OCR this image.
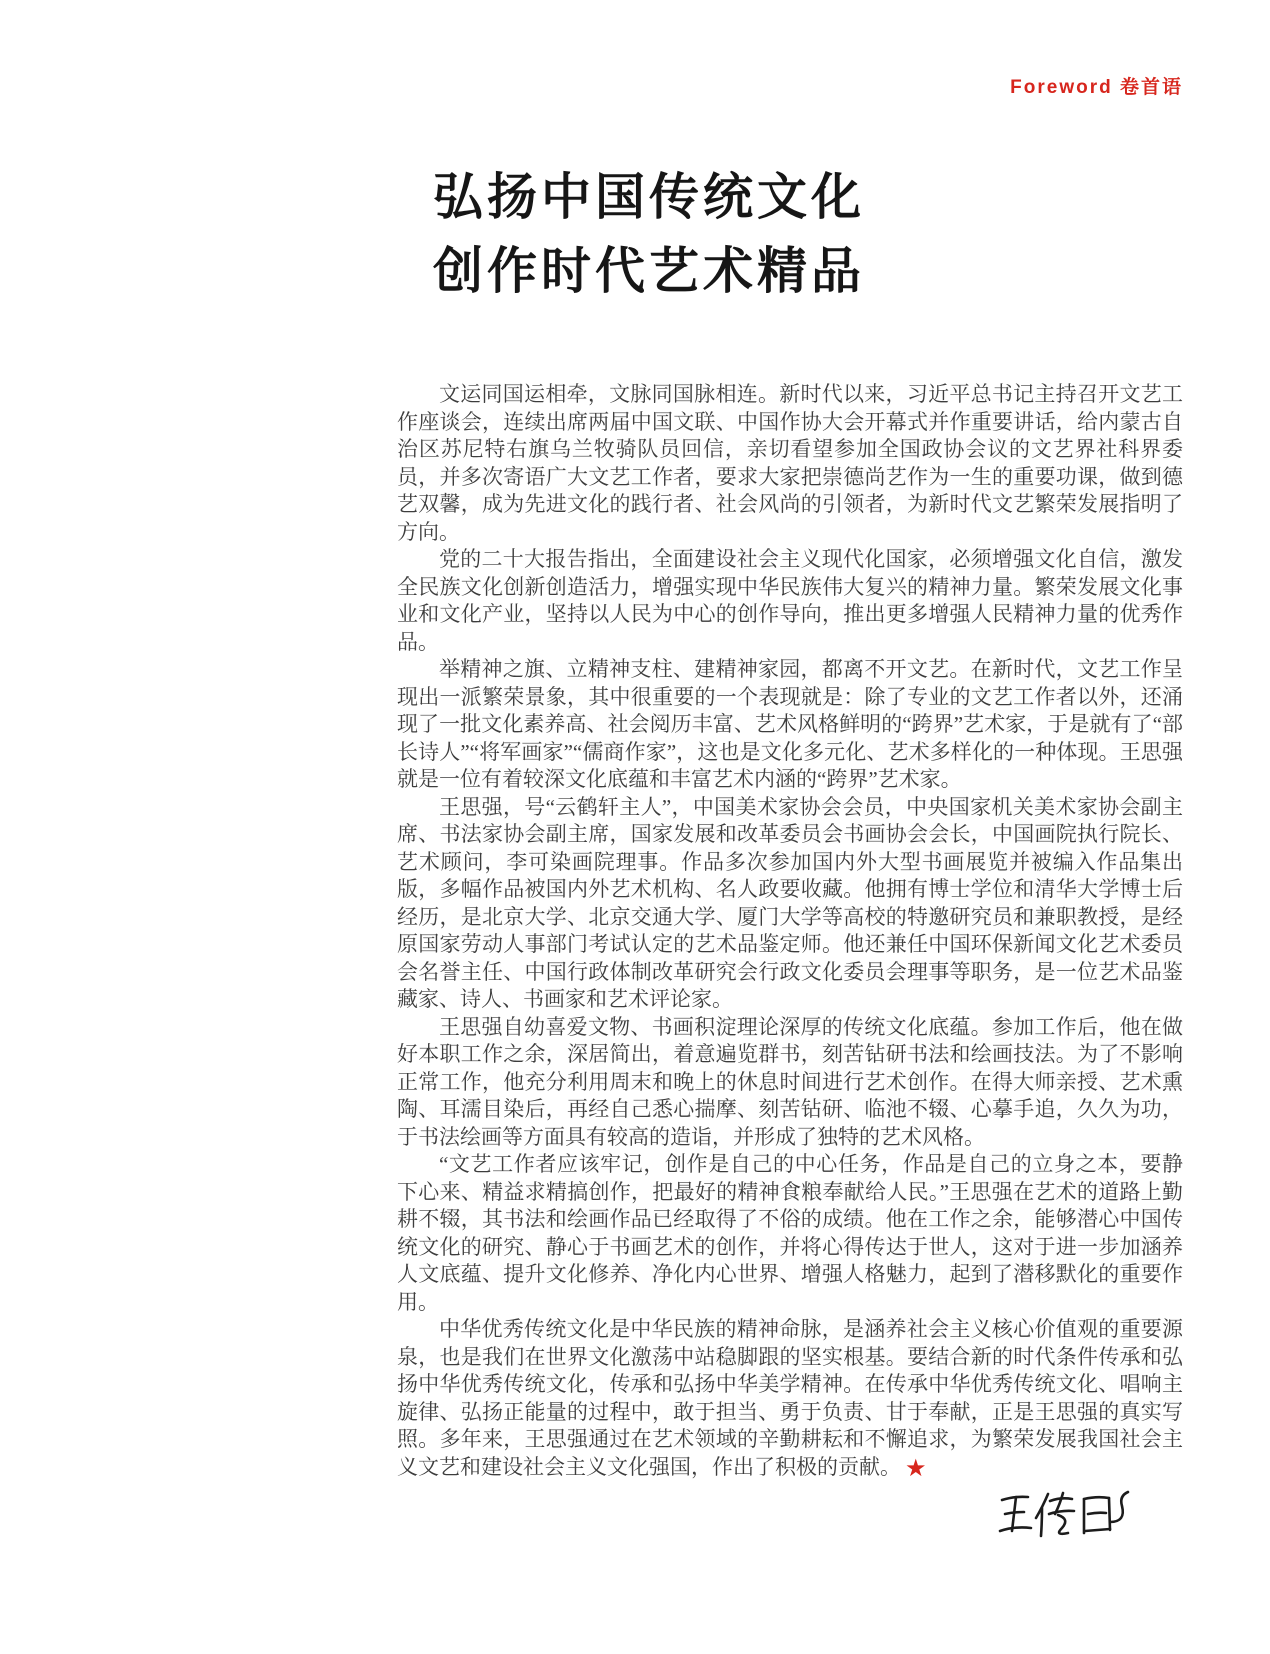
Foreword 卷首语
弘扬中国传统文化
创作时代艺术精品

文运同国运相牵，文脉同国脉相连。新时代以来，习近平总书记主持召开文艺工作座谈会，连续出席两届中国文联、中国作协大会开幕式并作重要讲话，给内蒙古自治区苏尼特右旗乌兰牧骑队员回信，亲切看望参加全国政协会议的文艺界社科界委员，并多次寄语广大文艺工作者，要求大家把崇德尚艺作为一生的重要功课，做到德艺双馨，成为先进文化的践行者、社会风尚的引领者，为新时代文艺繁荣发展指明了方向。

党的二十大报告指出，全面建设社会主义现代化国家，必须增强文化自信，激发全民族文化创新创造活力，增强实现中华民族伟大复兴的精神力量。繁荣发展文化事业和文化产业，坚持以人民为中心的创作导向，推出更多增强人民精神力量的优秀作品。

举精神之旗、立精神支柱、建精神家园，都离不开文艺。在新时代，文艺工作呈现出一派繁荣景象，其中很重要的一个表现就是：除了专业的文艺工作者以外，还涌现了一批文化素养高、社会阅历丰富、艺术风格鲜明的“跨界”艺术家，于是就有了“部长诗人”“将军画家”“儒商作家”，这也是文化多元化、艺术多样化的一种体现。王思强就是一位有着较深文化底蕴和丰富艺术内涵的“跨界”艺术家。

王思强，号“云鹤轩主人”，中国美术家协会会员，中央国家机关美术家协会副主席、书法家协会副主席，国家发展和改革委员会书画协会会长，中国画院执行院长、艺术顾问，李可染画院理事。作品多次参加国内外大型书画展览并被编入作品集出版，多幅作品被国内外艺术机构、名人政要收藏。他拥有博士学位和清华大学博士后经历，是北京大学、北京交通大学、厦门大学等高校的特邀研究员和兼职教授，是经原国家劳动人事部门考试认定的艺术品鉴定师。他还兼任中国环保新闻文化艺术委员会名誉主任、中国行政体制改革研究会行政文化委员会理事等职务，是一位艺术品鉴藏家、诗人、书画家和艺术评论家。

王思强自幼喜爱文物、书画积淀理论深厚的传统文化底蕴。参加工作后，他在做好本职工作之余，深居简出，着意遍览群书，刻苦钻研书法和绘画技法。为了不影响正常工作，他充分利用周末和晚上的休息时间进行艺术创作。在得大师亲授、艺术熏陶、耳濡目染后，再经自己悉心揣摩、刻苦钻研、临池不辍、心摹手追，久久为功，于书法绘画等方面具有较高的造诣，并形成了独特的艺术风格。

“文艺工作者应该牢记，创作是自己的中心任务，作品是自己的立身之本，要静下心来、精益求精搞创作，把最好的精神食粮奉献给人民。”王思强在艺术的道路上勤耕不辍，其书法和绘画作品已经取得了不俗的成绩。他在工作之余，能够潜心中国传统文化的研究、静心于书画艺术的创作，并将心得传达于世人，这对于进一步加涵养人文底蕴、提升文化修养、净化内心世界、增强人格魅力，起到了潜移默化的重要作用。

中华优秀传统文化是中华民族的精神命脉，是涵养社会主义核心价值观的重要源泉，也是我们在世界文化激荡中站稳脚跟的坚实根基。要结合新的时代条件传承和弘扬中华优秀传统文化，传承和弘扬中华美学精神。在传承中华优秀传统文化、唱响主旋律、弘扬正能量的过程中，敢于担当、勇于负责、甘于奉献，正是王思强的真实写照。多年来，王思强通过在艺术领域的辛勤耕耘和不懈追求，为繁荣发展我国社会主义文艺和建设社会主义文化强国，作出了积极的贡献。 ★
